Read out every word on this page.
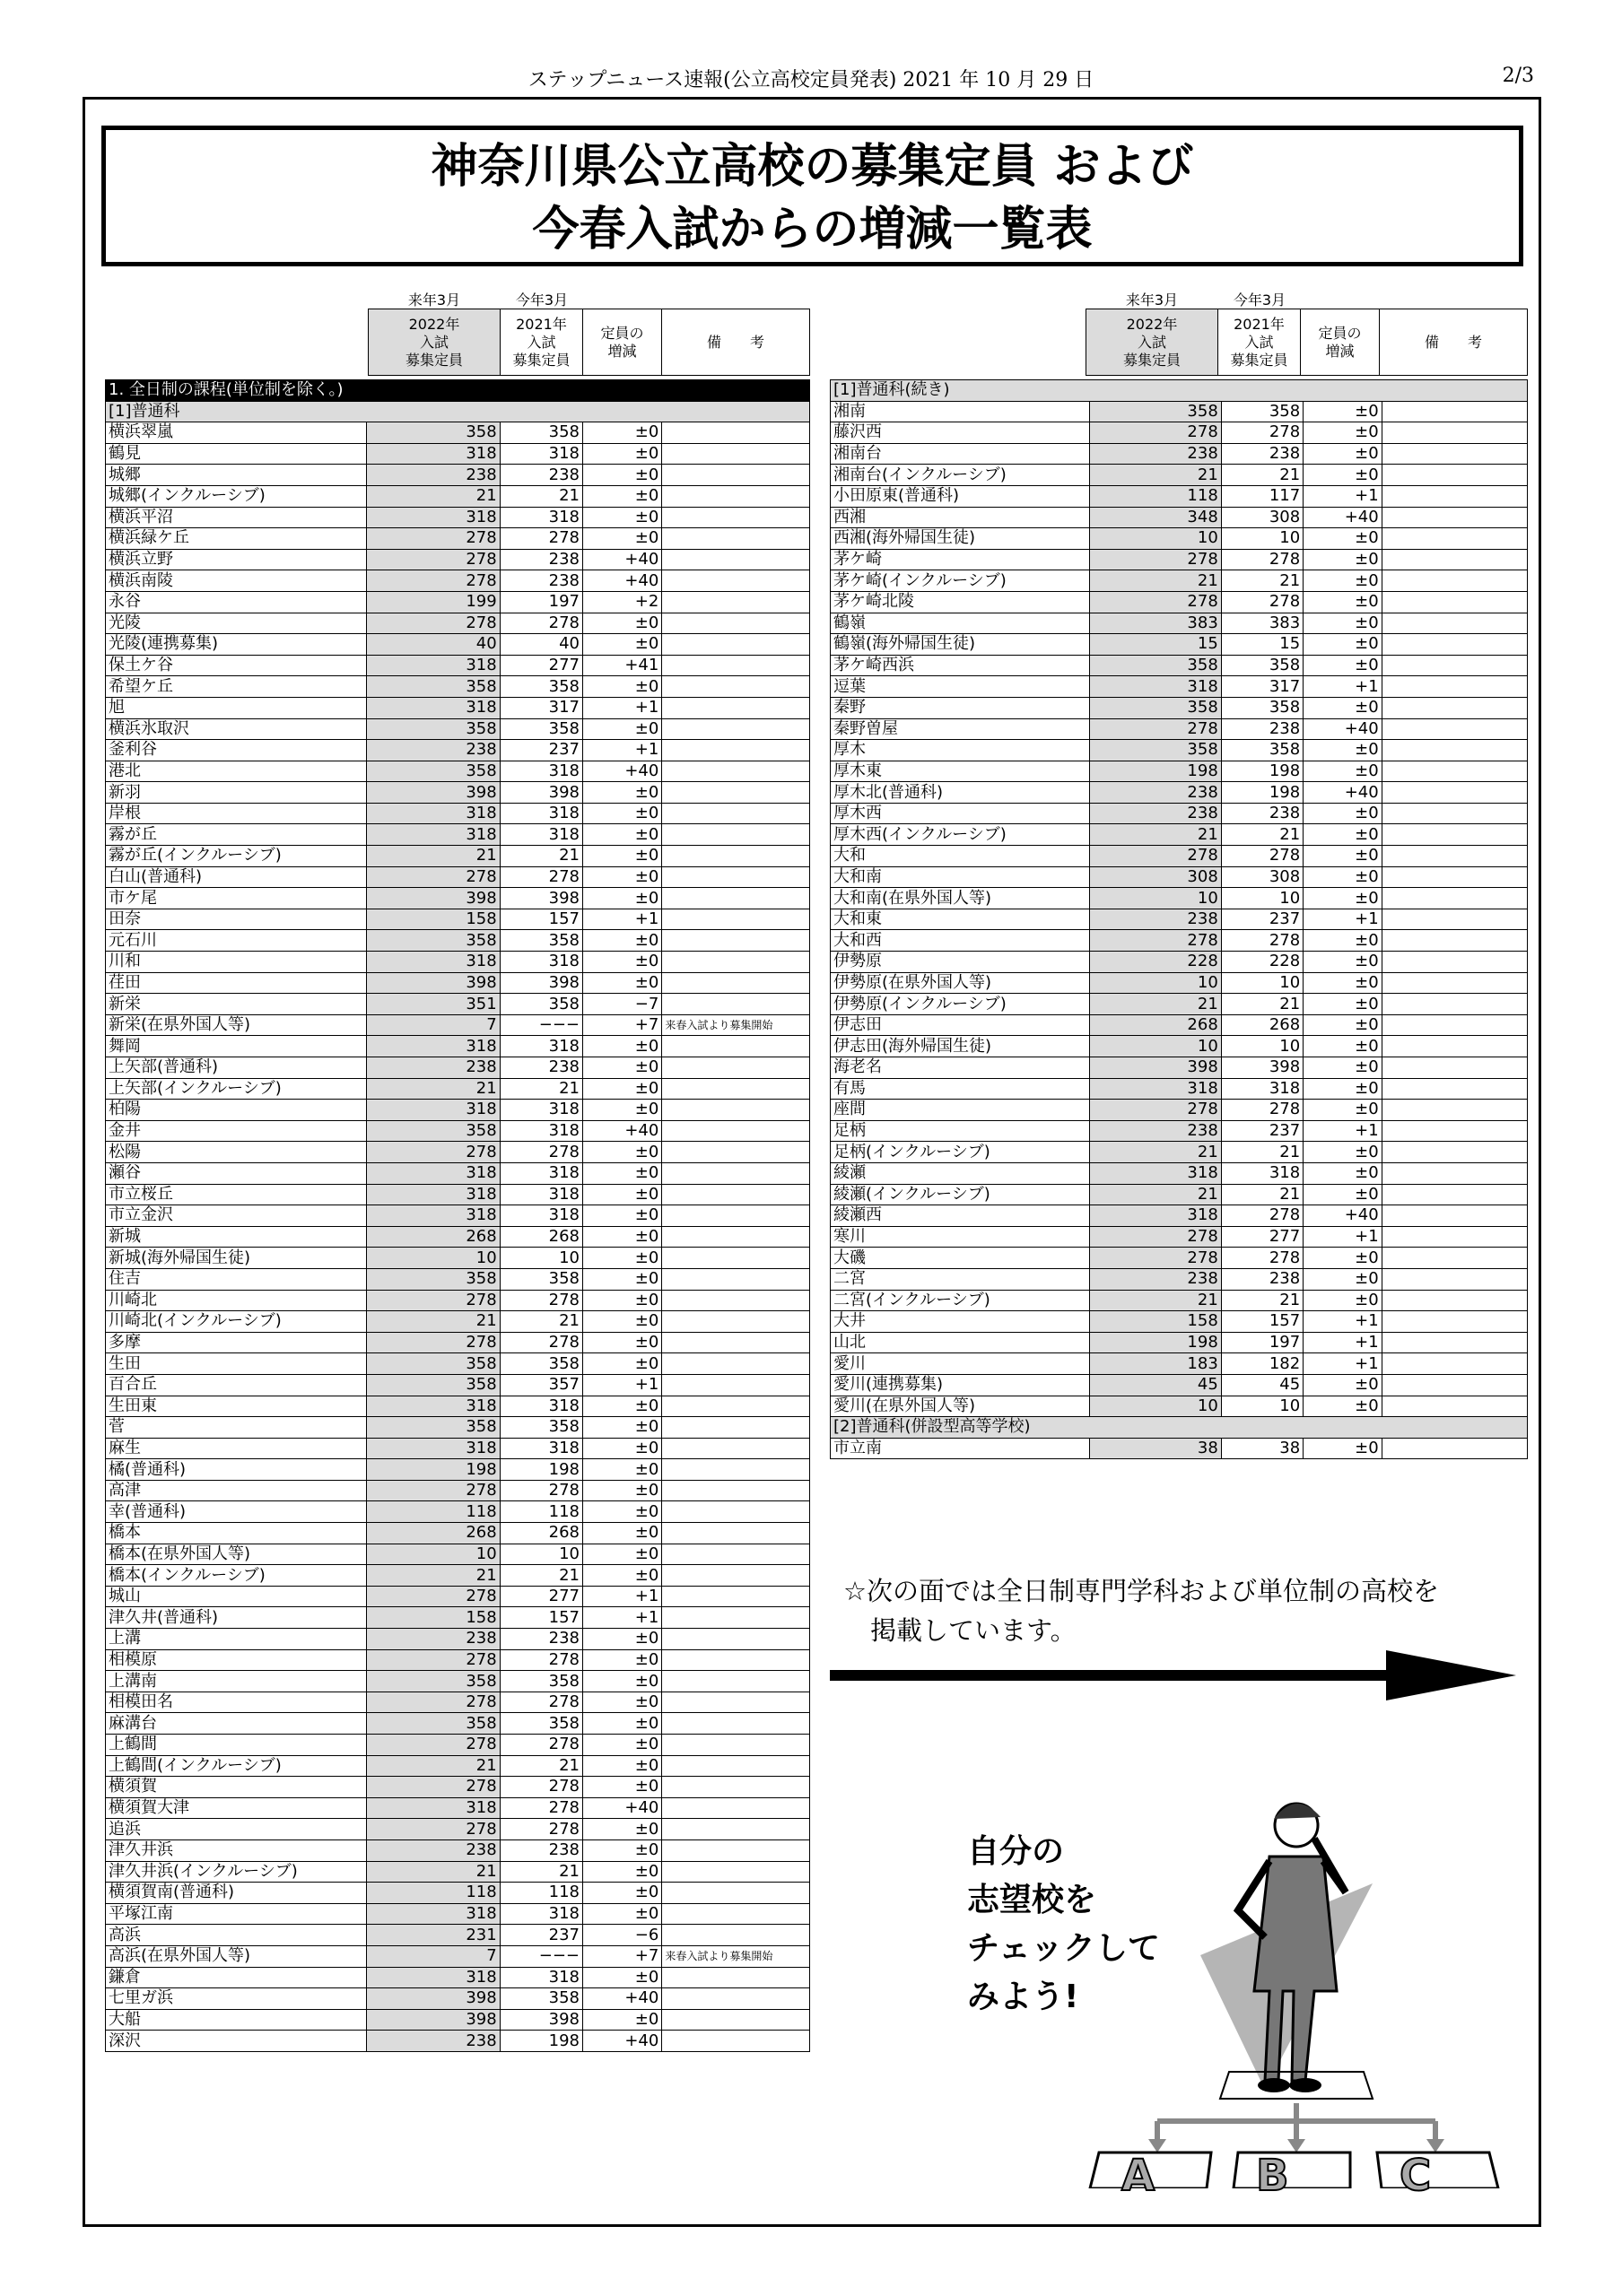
ステップニュース速報(公立高校定員発表) 2021 年 10 月 29 日	2/3
神奈川県公立高校の募集定員 および
今春入試からの増減一覧表
来年3月	今年3月
2022年
入試
募集定員
2021年
入試
募集定員
定員の
増減
備　　考
来年3月	今年3月
2022年
入試
募集定員
2021年
入試
募集定員
定員の
増減
備　　考
1. 全日制の課程(単位制を除く。)				
[1]普通科				
横浜翠嵐	358	358	±0	
鶴見	318	318	±0	
城郷	238	238	±0	
城郷(インクルーシブ)	21	21	±0	
横浜平沼	318	318	±0	
横浜緑ケ丘	278	278	±0	
横浜立野	278	238	+40	
横浜南陵	278	238	+40	
永谷	199	197	+2	
光陵	278	278	±0	
光陵(連携募集)	40	40	±0	
保土ケ谷	318	277	+41	
希望ケ丘	358	358	±0	
旭	318	317	+1	
横浜氷取沢	358	358	±0	
釜利谷	238	237	+1	
港北	358	318	+40	
新羽	398	398	±0	
岸根	318	318	±0	
霧が丘	318	318	±0	
霧が丘(インクルーシブ)	21	21	±0	
白山(普通科)	278	278	±0	
市ケ尾	398	398	±0	
田奈	158	157	+1	
元石川	358	358	±0	
川和	318	318	±0	
荏田	398	398	±0	
新栄	351	358	−7	
新栄(在県外国人等)	7	−−−	+7	来春入試より募集開始
舞岡	318	318	±0	
上矢部(普通科)	238	238	±0	
上矢部(インクルーシブ)	21	21	±0	
柏陽	318	318	±0	
金井	358	318	+40	
松陽	278	278	±0	
瀬谷	318	318	±0	
市立桜丘	318	318	±0	
市立金沢	318	318	±0	
新城	268	268	±0	
新城(海外帰国生徒)	10	10	±0	
住吉	358	358	±0	
川崎北	278	278	±0	
川崎北(インクルーシブ)	21	21	±0	
多摩	278	278	±0	
生田	358	358	±0	
百合丘	358	357	+1	
生田東	318	318	±0	
菅	358	358	±0	
麻生	318	318	±0	
橘(普通科)	198	198	±0	
高津	278	278	±0	
幸(普通科)	118	118	±0	
橋本	268	268	±0	
橋本(在県外国人等)	10	10	±0	
橋本(インクルーシブ)	21	21	±0	
城山	278	277	+1	
津久井(普通科)	158	157	+1	
上溝	238	238	±0	
相模原	278	278	±0	
上溝南	358	358	±0	
相模田名	278	278	±0	
麻溝台	358	358	±0	
上鶴間	278	278	±0	
上鶴間(インクルーシブ)	21	21	±0	
横須賀	278	278	±0	
横須賀大津	318	278	+40	
追浜	278	278	±0	
津久井浜	238	238	±0	
津久井浜(インクルーシブ)	21	21	±0	
横須賀南(普通科)	118	118	±0	
平塚江南	318	318	±0	
高浜	231	237	−6	
高浜(在県外国人等)	7	−−−	+7	来春入試より募集開始
鎌倉	318	318	±0	
七里ガ浜	398	358	+40	
大船	398	398	±0	
深沢	238	198	+40	
[1]普通科(続き)				
湘南	358	358	±0	
藤沢西	278	278	±0	
湘南台	238	238	±0	
湘南台(インクルーシブ)	21	21	±0	
小田原東(普通科)	118	117	+1	
西湘	348	308	+40	
西湘(海外帰国生徒)	10	10	±0	
茅ケ崎	278	278	±0	
茅ケ崎(インクルーシブ)	21	21	±0	
茅ケ崎北陵	278	278	±0	
鶴嶺	383	383	±0	
鶴嶺(海外帰国生徒)	15	15	±0	
茅ケ崎西浜	358	358	±0	
逗葉	318	317	+1	
秦野	358	358	±0	
秦野曽屋	278	238	+40	
厚木	358	358	±0	
厚木東	198	198	±0	
厚木北(普通科)	238	198	+40	
厚木西	238	238	±0	
厚木西(インクルーシブ)	21	21	±0	
大和	278	278	±0	
大和南	308	308	±0	
大和南(在県外国人等)	10	10	±0	
大和東	238	237	+1	
大和西	278	278	±0	
伊勢原	228	228	±0	
伊勢原(在県外国人等)	10	10	±0	
伊勢原(インクルーシブ)	21	21	±0	
伊志田	268	268	±0	
伊志田(海外帰国生徒)	10	10	±0	
海老名	398	398	±0	
有馬	318	318	±0	
座間	278	278	±0	
足柄	238	237	+1	
足柄(インクルーシブ)	21	21	±0	
綾瀬	318	318	±0	
綾瀬(インクルーシブ)	21	21	±0	
綾瀬西	318	278	+40	
寒川	278	277	+1	
大磯	278	278	±0	
二宮	238	238	±0	
二宮(インクルーシブ)	21	21	±0	
大井	158	157	+1	
山北	198	197	+1	
愛川	183	182	+1	
愛川(連携募集)	45	45	±0	
愛川(在県外国人等)	10	10	±0	
[2]普通科(併設型高等学校)				
市立南	38	38	±0	
☆次の面では全日制専門学科および単位制の高校を
掲載しています。
自分の
志望校を
チェックして
みよう!
A B	C
